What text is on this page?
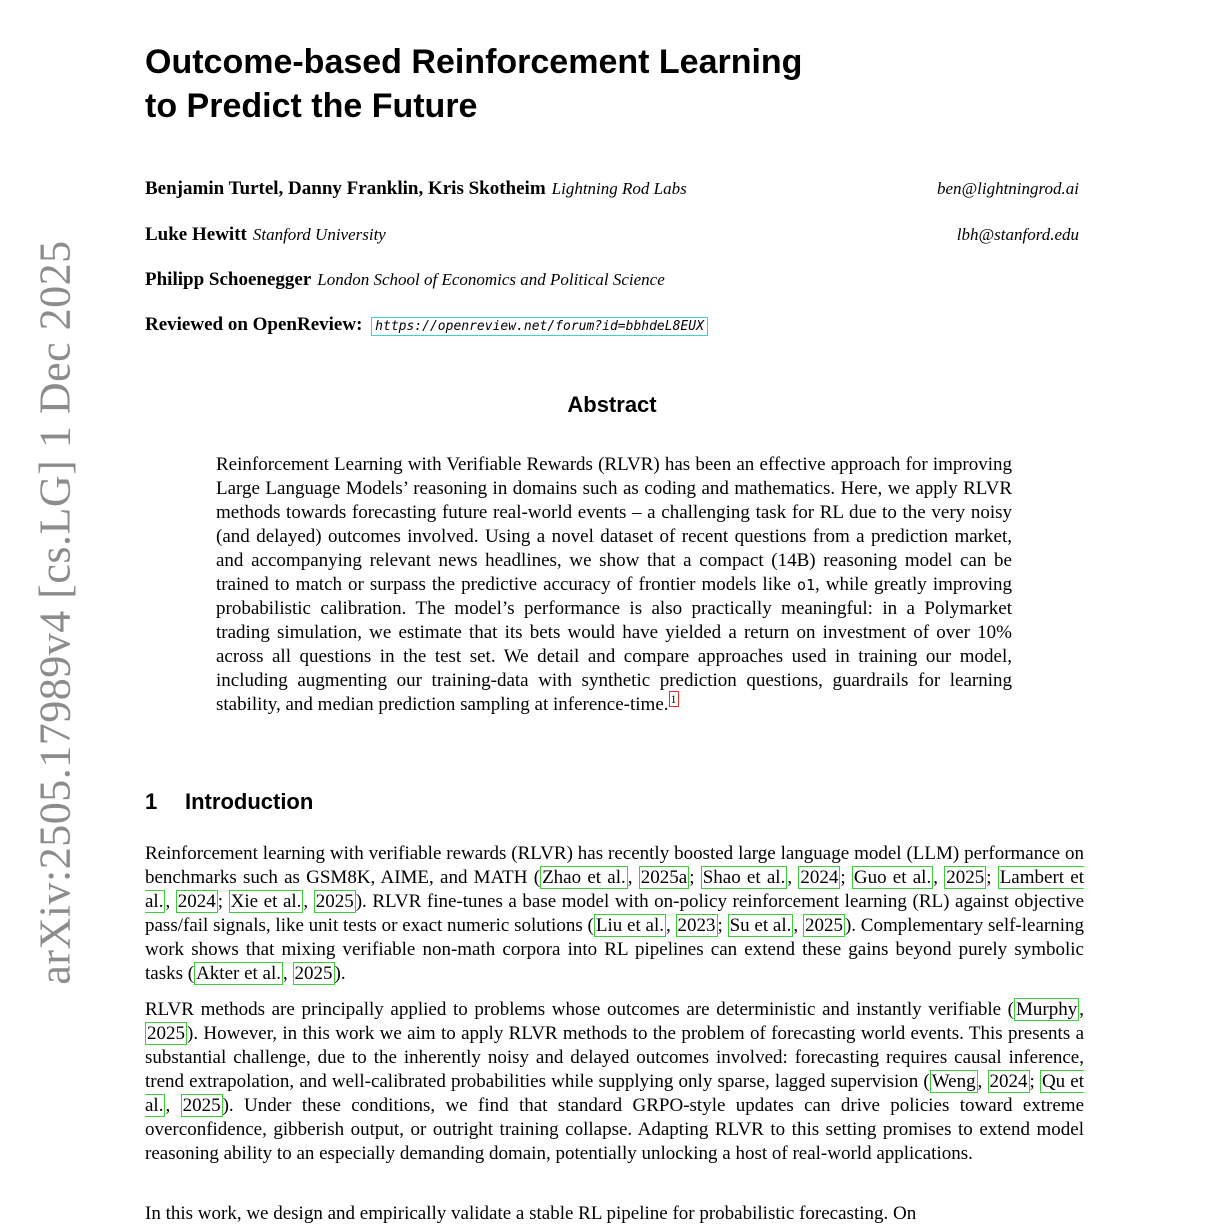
arXiv:2505.17989v4 [cs.LG] 1 Dec 2025
Outcome-based Reinforcement Learning
to Predict the Future
Benjamin Turtel, Danny Franklin, Kris Skotheim Lightning Rod Labs	ben@lightningrod.ai
Luke Hewitt Stanford University	lbh@stanford.edu
Philipp Schoenegger London School of Economics and Political Science
Reviewed on OpenReview: https://openreview.net/forum?id=bbhdeL8EUX
Abstract

Reinforcement Learning with Verifiable Rewards (RLVR) has been an effective approach for improving Large Language Models’ reasoning in domains such as coding and mathematics. Here, we apply RLVR methods towards forecasting future real-world events – a challenging task for RL due to the very noisy (and delayed) outcomes involved. Using a novel dataset of recent questions from a prediction market, and accompanying relevant news headlines, we show that a compact (14B) reasoning model can be trained to match or surpass the predictive accuracy of frontier models like o1, while greatly improving probabilistic calibration. The model’s performance is also practically meaningful: in a Polymarket trading simulation, we estimate that its bets would have yielded a return on investment of over 10% across all questions in the test set. We detail and compare approaches used in training our model, including augmenting our training-data with synthetic prediction questions, guardrails for learning stability, and median prediction sampling at inference-time. $^1$

1 Introduction

Reinforcement learning with verifiable rewards (RLVR) has recently boosted large language model (LLM) performance on benchmarks such as GSM8K, AIME, and MATH ( Zhao et al. , 2025a ; Shao et al. , 2024 ; Guo et al. , 2025 ; Lambert et al. , 2024 ; Xie et al. , 2025 ). RLVR fine-tunes a base model with on-policy reinforcement learning (RL) against objective pass/fail signals, like unit tests or exact numeric solutions ( Liu et al. , 2023 ; Su et al. , 2025 ). Complementary self-learning work shows that mixing verifiable non-math corpora into RL pipelines can extend these gains beyond purely symbolic tasks ( Akter et al. , 2025 ).

RLVR methods are principally applied to problems whose outcomes are deterministic and instantly verifiable ( Murphy , 2025 ). However, in this work we aim to apply RLVR methods to the problem of forecasting world events. This presents a substantial challenge, due to the inherently noisy and delayed outcomes involved: forecasting requires causal inference, trend extrapolation, and well-calibrated probabilities while supplying only sparse, lagged supervision ( Weng , 2024 ; Qu et al. , 2025 ). Under these conditions, we find that standard GRPO-style updates can drive policies toward extreme overconfidence, gibberish output, or outright training collapse. Adapting RLVR to this setting promises to extend model reasoning ability to an especially demanding domain, potentially unlocking a host of real-world applications.

In this work, we design and empirically validate a stable RL pipeline for probabilistic forecasting. On
